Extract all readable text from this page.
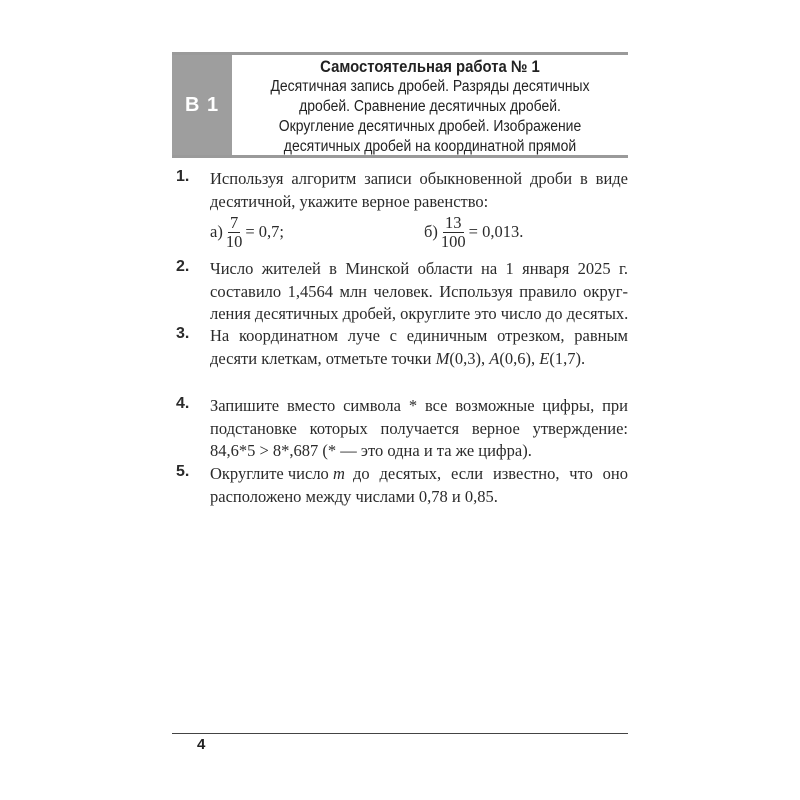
В 1
Самостоятельная работа № 1
Десятичная запись дробей. Разряды десятичных
дробей. Сравнение десятичных дробей.
Округление десятичных дробей. Изображение
десятичных дробей на координатной прямой
1. Используя алгоритм записи обыкновенной дроби в виде
десятичной, укажите верное равенство:
$а) \frac{7}{10} = 0,7$;	$б) \frac{13}{100} = 0,013$.
2. Число жителей в Минской области на 1 января 2025 г.
составило 1,4564 млн человек. Используя правило округ-
ления десятичных дробей, округлите это число до десятых.
3. На координатном луче с единичным отрезком, равным
десяти клеткам, отметьте точки M(0,3), A(0,6), E(1,7).
4. Запишите вместо символа * все возможные цифры, при
подстановке которых получается верное утверждение:
84,6*5 > 8*,687 (* — это одна и та же цифра).
5. Округлите число
m
до десятых, если известно, что оно
расположено между числами 0,78 и 0,85.
4
